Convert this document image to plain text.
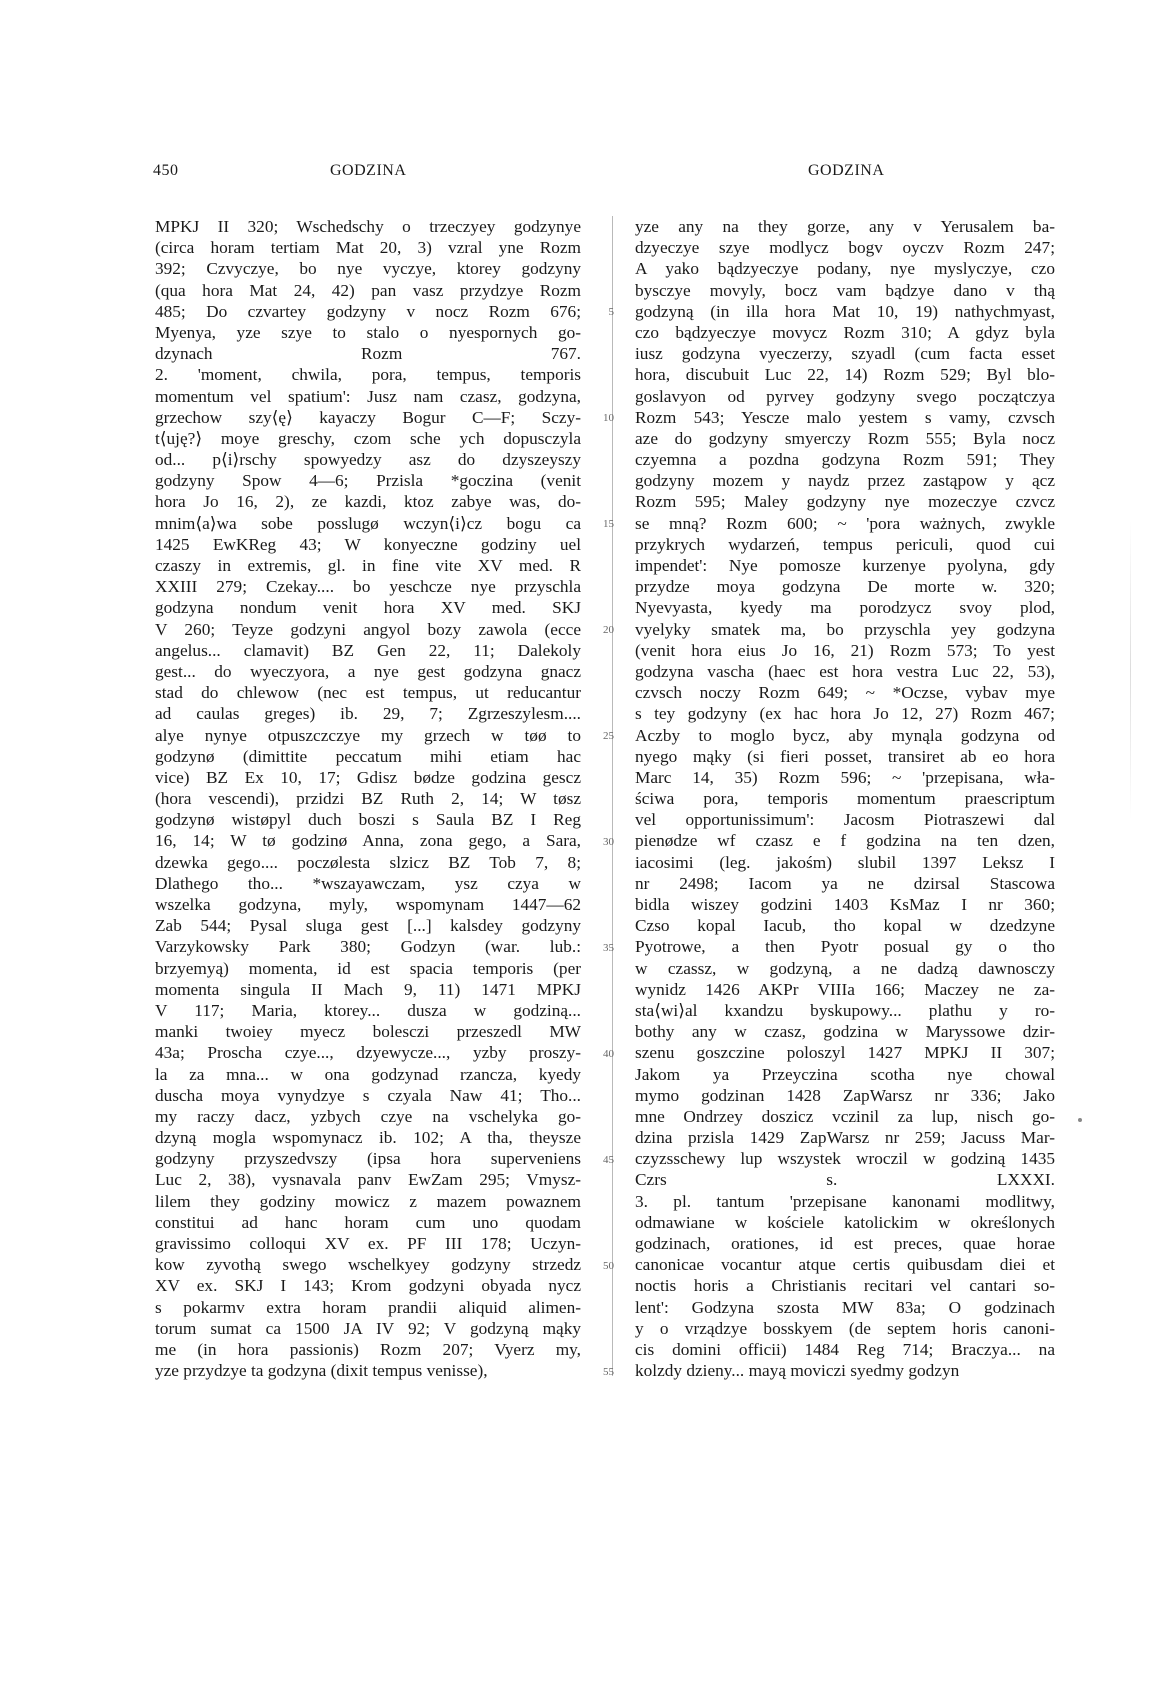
450	GODZINA	GODZINA
MPKJ II 320; Wschedschy o trzeczyey godzynye
(circa horam tertiam Mat 20, 3) vzral yne Rozm
392; Czvyczye, bo nye vyczye, ktorey godzyny
(qua hora Mat 24, 42) pan vasz przydzye Rozm
485; Do czvartey godzyny v nocz Rozm 676;
Myenya, yze szye to stalo o nyespornych go-
dzynach Rozm 767.
2. 'moment, chwila, pora, tempus, temporis
momentum vel spatium': Jusz nam czasz, godzyna,
grzechow szy⟨ę⟩ kayaczy Bogur C—F; Sczy-
t⟨uję?⟩ moye greschy, czom sche ych dopusczyla
od... p⟨i⟩rschy spowyedzy asz do dzyszeyszy
godzyny Spow 4—6; Przisla *goczina (venit
hora Jo 16, 2), ze kazdi, ktoz zabye was, do-
mnim⟨a⟩wa sobe posslugø wczyn⟨i⟩cz bogu ca
1425 EwKReg 43; W konyeczne godziny uel
czaszy in extremis, gl. in fine vite XV med. R
XXIII 279; Czekay.... bo yeschcze nye przyschla
godzyna nondum venit hora XV med. SKJ
V 260; Teyze godzyni angyol bozy zawola (ecce
angelus... clamavit) BZ Gen 22, 11; Dalekoly
gest... do wyeczyora, a nye gest godzyna gnacz
stad do chlewow (nec est tempus, ut reducantur
ad caulas greges) ib. 29, 7; Zgrzeszylesm....
alye nynye otpuszczczye my grzech w tøø to
godzynø (dimittite peccatum mihi etiam hac
vice) BZ Ex 10, 17; Gdisz bødze godzina gescz
(hora vescendi), przidzi BZ Ruth 2, 14; W tøsz
godzynø wistøpyl duch boszi s Saula BZ I Reg
16, 14; W tø godzinø Anna, zona gego, a Sara,
dzewka gego.... poczølesta slzicz BZ Tob 7, 8;
Dlathego tho... *wszayawczam, ysz czya w
wszelka godzyna, myly, wspomynam 1447—62
Zab 544; Pysal sluga gest [...] kalsdey godzyny
Varzykowsky Park 380; Godzyn (war. lub.:
brzyemyą) momenta, id est spacia temporis (per
momenta singula II Mach 9, 11) 1471 MPKJ
V 117; Maria, ktorey... dusza w godziną...
manki twoiey myecz bolesczi przeszedl MW
43a; Proscha czye..., dzyewycze..., yzby proszy-
la za mna... w ona godzynad rzancza, kyedy
duscha moya vynydzye s czyala Naw 41; Tho...
my raczy dacz, yzbych czye na vschelyka go-
dzyną mogla wspomynacz ib. 102; A tha, theysze
godzyny przyszedvszy (ipsa hora superveniens
Luc 2, 38), vysnavala panv EwZam 295; Vmysz-
lilem they godziny mowicz z mazem powaznem
constitui ad hanc horam cum uno quodam
gravissimo colloqui XV ex. PF III 178; Uczyn-
kow zyvothą swego wschelkyey godzyny strzedz
XV ex. SKJ I 143; Krom godzyni obyada nycz
s pokarmv extra horam prandii aliquid alimen-
torum sumat ca 1500 JA IV 92; V godzyną mąky
me (in hora passionis) Rozm 207; Vyerz my,
yze przydzye ta godzyna (dixit tempus venisse),
5
10
15
20
25
30
35
40
45
50
55
yze any na they gorze, any v Yerusalem ba-
dzyeczye szye modlycz bogv oyczv Rozm 247;
A yako bądzyeczye podany, nye myslyczye, czo
bysczye movyly, bocz vam bądzye dano v thą
godzyną (in illa hora Mat 10, 19) nathychmyast,
czo bądzyeczye movycz Rozm 310; A gdyz byla
iusz godzyna vyeczerzy, szyadl (cum facta esset
hora, discubuit Luc 22, 14) Rozm 529; Byl blo-
goslavyon od pyrvey godzyny svego początczya
Rozm 543; Yescze malo yestem s vamy, czvsch
aze do godzyny smyerczy Rozm 555; Byla nocz
czyemna a pozdna godzyna Rozm 591; They
godzyny mozem y naydz przez zastąpow y ącz
Rozm 595; Maley godzyny nye mozeczye czvcz
se mną? Rozm 600; ~ 'pora ważnych, zwykle
przykrych wydarzeń, tempus periculi, quod cui
impendet': Nye pomosze kurzenye pyolyna, gdy
przydze moya godzyna De morte w. 320;
Nyevyasta, kyedy ma porodzycz svoy plod,
vyelyky smatek ma, bo przyschla yey godzyna
(venit hora eius Jo 16, 21) Rozm 573; To yest
godzyna vascha (haec est hora vestra Luc 22, 53),
czvsch noczy Rozm 649; ~ *Oczse, vybav mye
s tey godzyny (ex hac hora Jo 12, 27) Rozm 467;
Aczby to moglo bycz, aby mynąla godzyna od
nyego mąky (si fieri posset, transiret ab eo hora
Marc 14, 35) Rozm 596; ~ 'przepisana, wła-
ściwa pora, temporis momentum praescriptum
vel opportunissimum': Jacosm Piotraszewi dal
pienødze wf czasz e f godzina na ten dzen,
iacosimi (leg. jakośm) slubil 1397 Leksz I
nr 2498; Iacom ya ne dzirsal Stascowa
bidla wiszey godzini 1403 KsMaz I nr 360;
Czso kopal Iacub, tho kopal w dzedzyne
Pyotrowe, a then Pyotr posual gy o tho
w czassz, w godzyną, a ne dadzą dawnosczy
wynidz 1426 AKPr VIIIa 166; Maczey ne za-
sta⟨wi⟩al kxandzu byskupowy... plathu y ro-
bothy any w czasz, godzina w Maryssowe dzir-
szenu goszczine poloszyl 1427 MPKJ II 307;
Jakom ya Przeyczina scotha nye chowal
mymo godzinan 1428 ZapWarsz nr 336; Jako
mne Ondrzey doszicz vczinil za lup, nisch go-
dzina przisla 1429 ZapWarsz nr 259; Jacuss Mar-
czyzsschewy lup wszystek wroczil w godziną 1435
Czrs s. LXXXI.
3. pl. tantum 'przepisane kanonami modlitwy,
odmawiane w kościele katolickim w określonych
godzinach, orationes, id est preces, quae horae
canonicae vocantur atque certis quibusdam diei et
noctis horis a Christianis recitari vel cantari so-
lent': Godzyna szosta MW 83a; O godzinach
y o vrządzye bosskyem (de septem horis canoni-
cis domini officii) 1484 Reg 714; Braczya... na
kolzdy dzieny... mayą moviczi syedmy godzyn
